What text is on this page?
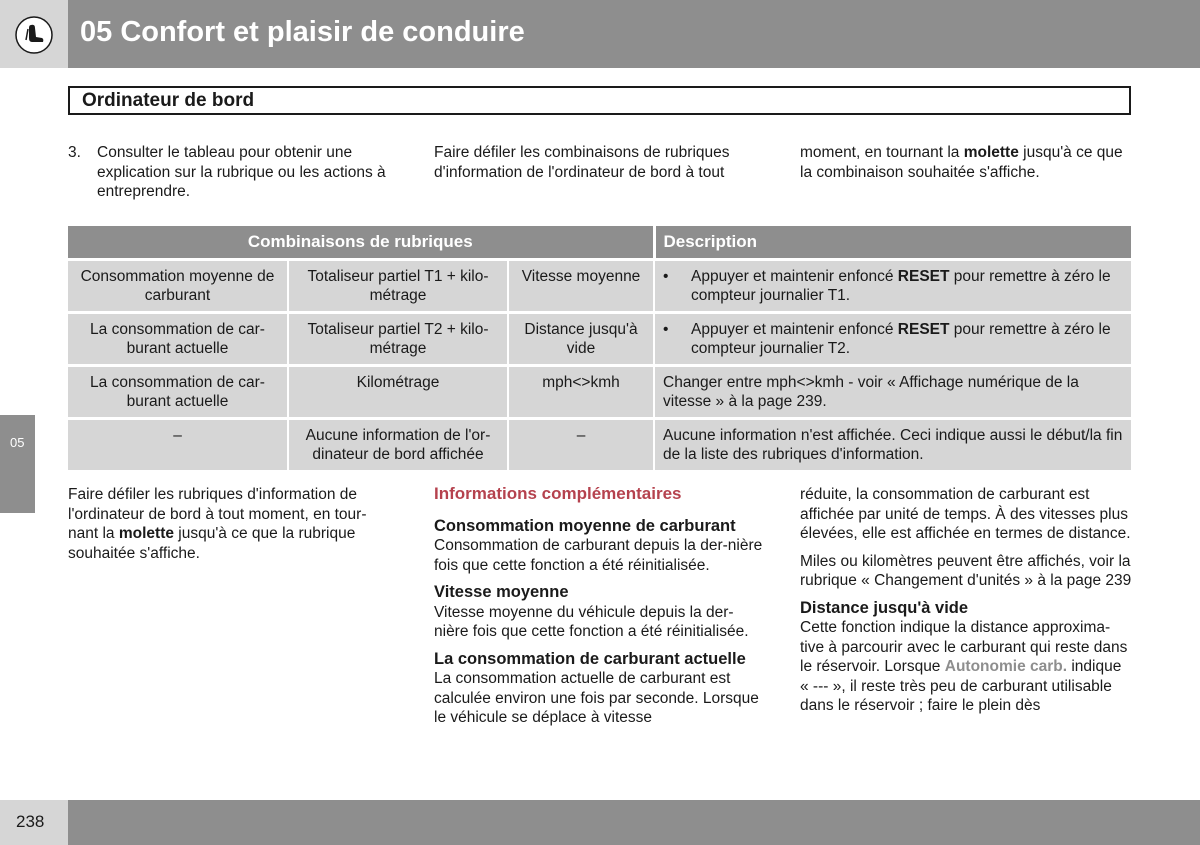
05 Confort et plaisir de conduire
Ordinateur de bord
3.	Consulter le tableau pour obtenir une explication sur la rubrique ou les actions à entreprendre.
Faire défiler les combinaisons de rubriques d'information de l'ordinateur de bord à tout
moment, en tournant la molette jusqu'à ce que la combinaison souhaitée s'affiche.
Combinaisons de rubriques			Description
Consommation moyenne de carburant	Totaliseur partiel T1 + kilo-métrage	Vitesse moyenne	• Appuyer et maintenir enfoncé RESET pour remettre à zéro le compteur journalier T1.

La consommation de car-burant actuelle	Totaliseur partiel T2 + kilo-métrage	Distance jusqu'à vide	• Appuyer et maintenir enfoncé RESET pour remettre à zéro le compteur journalier T2.

La consommation de car-burant actuelle	Kilométrage	mph<>kmh	Changer entre mph<>kmh - voir « Affichage numérique de la vitesse » à la page 239.
–	Aucune information de l'or-dinateur de bord affichée	–	Aucune information n'est affichée. Ceci indique aussi le début/la fin de la liste des rubriques d'information.
Faire défiler les rubriques d'information de l'ordinateur de bord à tout moment, en tour-nant la molette jusqu'à ce que la rubrique souhaitée s'affiche.
Informations complémentaires
Consommation moyenne de carburant
Consommation de carburant depuis la der-nière fois que cette fonction a été réinitialisée.
Vitesse moyenne
Vitesse moyenne du véhicule depuis la der-nière fois que cette fonction a été réinitialisée.
La consommation de carburant actuelle
La consommation actuelle de carburant est calculée environ une fois par seconde. Lorsque le véhicule se déplace à vitesse
réduite, la consommation de carburant est affichée par unité de temps. À des vitesses plus élevées, elle est affichée en termes de distance.
Miles ou kilomètres peuvent être affichés, voir la rubrique « Changement d'unités » à la page 239
Distance jusqu'à vide
Cette fonction indique la distance approxima-tive à parcourir avec le carburant qui reste dans le réservoir. Lorsque Autonomie carb. indique « --- », il reste très peu de carburant utilisable dans le réservoir ; faire le plein dès
05
238
